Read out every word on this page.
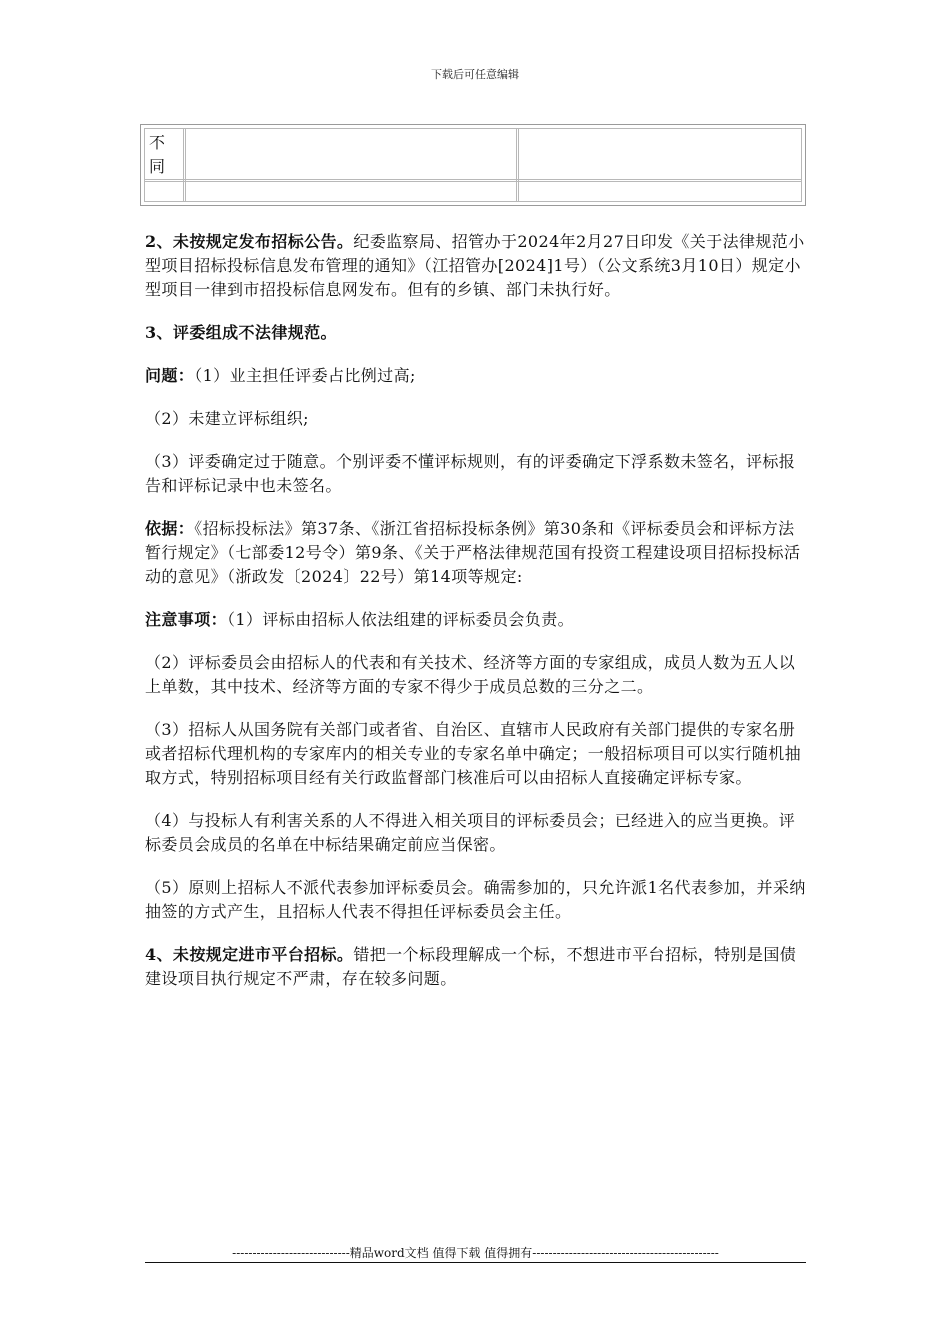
下载后可任意编辑
不同

2、未按规定发布招标公告。纪委监察局、招管办于2024年2月27日印发《关于法律规范小型项目招标投标信息发布管理的通知》（江招管办[2024]1号）（公文系统3月10日）规定小型项目一律到市招投标信息网发布。但有的乡镇、部门未执行好。

3、评委组成不法律规范。

问题：（1）业主担任评委占比例过高;

（2）未建立评标组织;

（3）评委确定过于随意。个别评委不懂评标规则，有的评委确定下浮系数未签名，评标报告和评标记录中也未签名。

依据：《招标投标法》第37条、《浙江省招标投标条例》第30条和《评标委员会和评标方法暂行规定》（七部委12号令）第9条、《关于严格法律规范国有投资工程建设项目招标投标活动的意见》（浙政发〔2024〕22号）第14项等规定:

注意事项：（1）评标由招标人依法组建的评标委员会负责。

（2）评标委员会由招标人的代表和有关技术、经济等方面的专家组成，成员人数为五人以上单数，其中技术、经济等方面的专家不得少于成员总数的三分之二。

（3）招标人从国务院有关部门或者省、自治区、直辖市人民政府有关部门提供的专家名册或者招标代理机构的专家库内的相关专业的专家名单中确定；一般招标项目可以实行随机抽取方式，特别招标项目经有关行政监督部门核准后可以由招标人直接确定评标专家。

（4）与投标人有利害关系的人不得进入相关项目的评标委员会；已经进入的应当更换。评标委员会成员的名单在中标结果确定前应当保密。

（5）原则上招标人不派代表参加评标委员会。确需参加的，只允许派1名代表参加，并采纳抽签的方式产生，且招标人代表不得担任评标委员会主任。

4、未按规定进市平台招标。错把一个标段理解成一个标，不想进市平台招标，特别是国债建设项目执行规定不严肃，存在较多问题。

-----------------------------精品word文档 值得下载 值得拥有----------------------------------------------
